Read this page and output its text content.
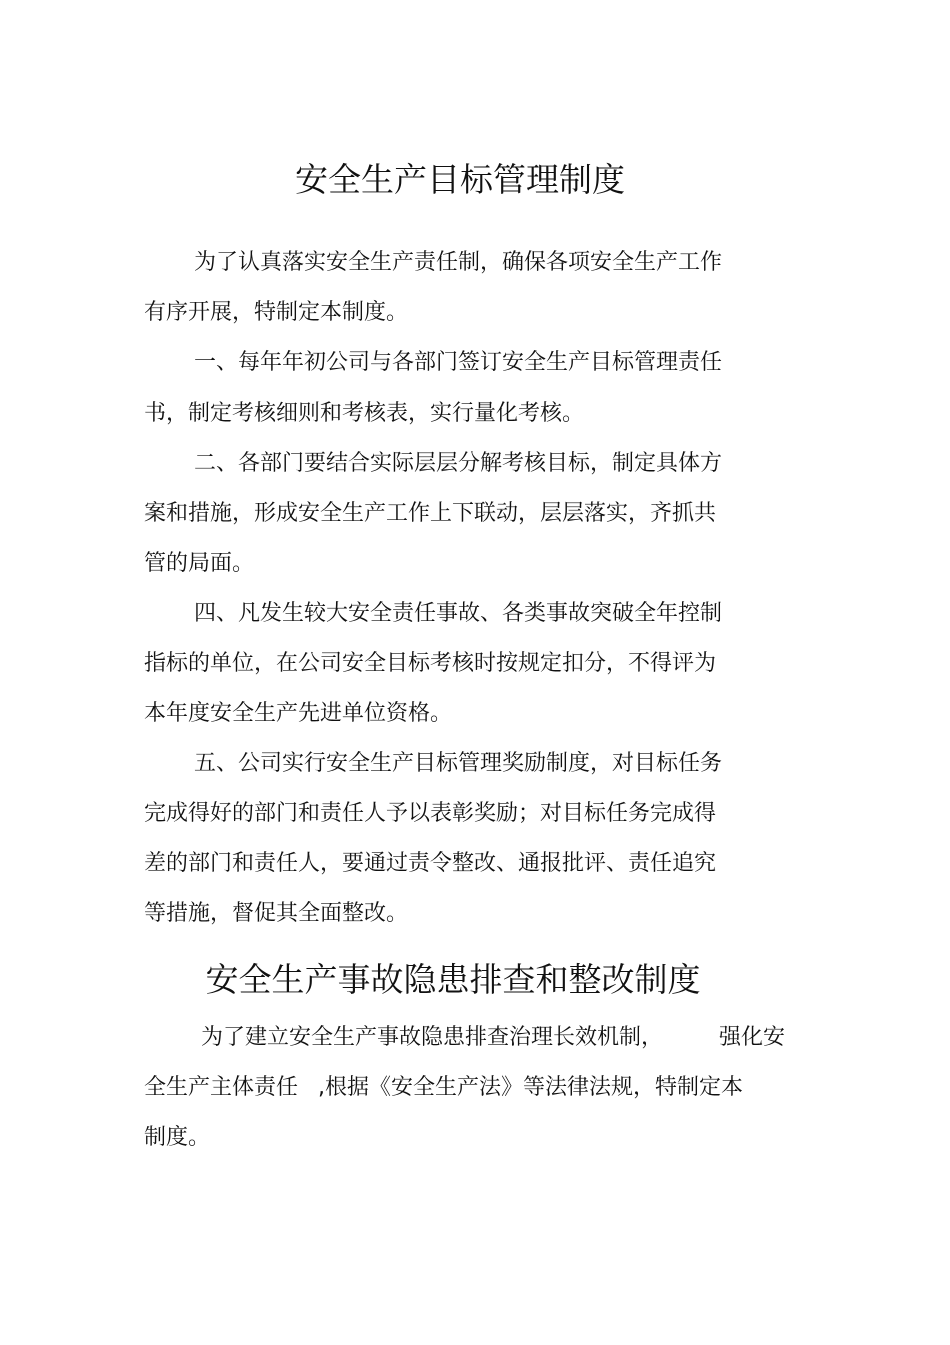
安全生产目标管理制度

为了认真落实安全生产责任制，确保各项安全生产工作

有序开展，特制定本制度。

一、每年年初公司与各部门签订安全生产目标管理责任

书，制定考核细则和考核表，实行量化考核。

二、各部门要结合实际层层分解考核目标，制定具体方

案和措施，形成安全生产工作上下联动，层层落实，齐抓共

管的局面。

四、凡发生较大安全责任事故、各类事故突破全年控制

指标的单位，在公司安全目标考核时按规定扣分，不得评为

本年度安全生产先进单位资格。

五、公司实行安全生产目标管理奖励制度，对目标任务

完成得好的部门和责任人予以表彰奖励；对目标任务完成得

差的部门和责任人，要通过责令整改、通报批评、责任追究

等措施，督促其全面整改。

安全生产事故隐患排查和整改制度

为了建立安全生产事故隐患排查治理长效机制，	强化安

全生产主体责任 ,根据《安全生产法》等法律法规，特制定本

制度。
